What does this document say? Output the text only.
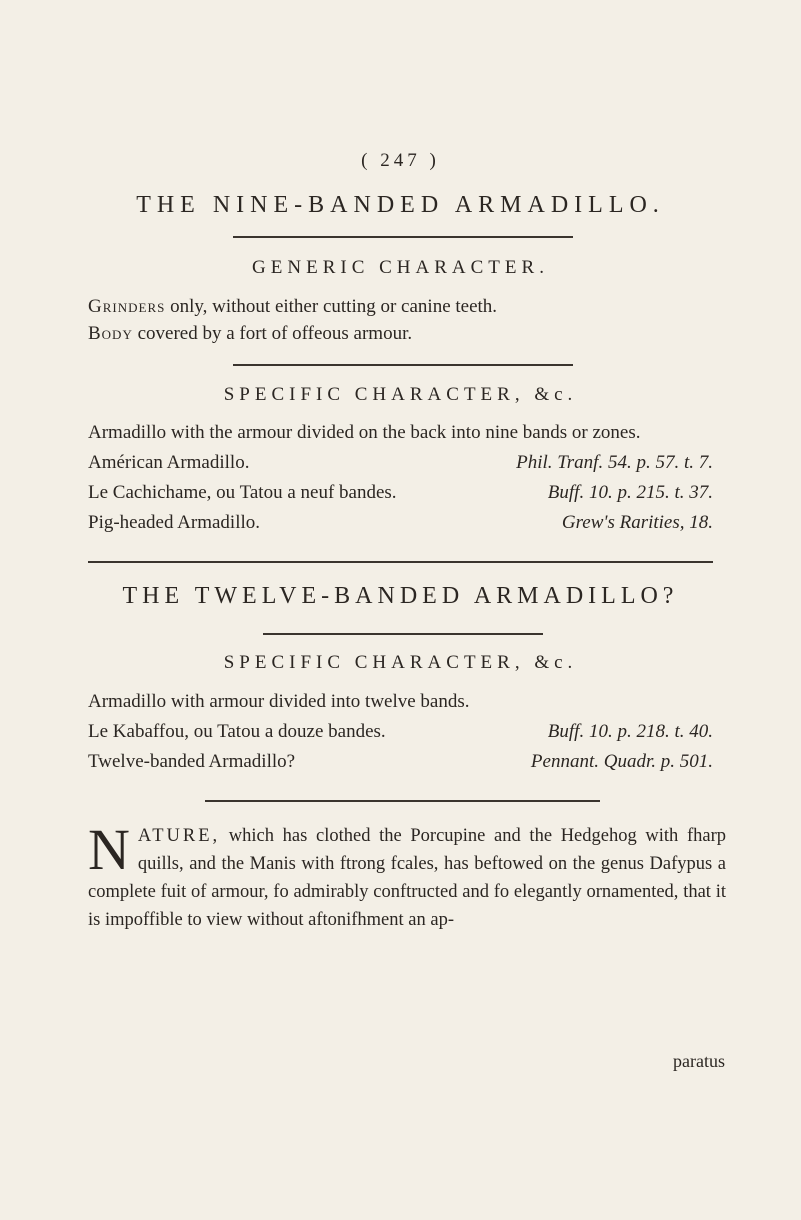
( 247 )
THE NINE-BANDED ARMADILLO.
GENERIC CHARACTER.
Grinders only, without either cutting or canine teeth.
Body covered by a fort of offeous armour.
SPECIFIC CHARACTER, &c.
Armadillo with the armour divided on the back into nine bands or zones.
Américan Armadillo.	Phil. Tranf. 54. p. 57. t. 7.
Le Cachichame, ou Tatou a neuf bandes.	Buff. 10. p. 215. t. 37.
Pig-headed Armadillo.	Grew's Rarities, 18.
THE TWELVE-BANDED ARMADILLO?
SPECIFIC CHARACTER, &c.
Armadillo with armour divided into twelve bands.
Le Kabaffou, ou Tatou a douze bandes.	Buff. 10. p. 218. t. 40.
Twelve-banded Armadillo?	Pennant. Quadr. p. 501.
NATURE, which has clothed the Porcupine and the Hedgehog with fharp quills, and the Manis with ftrong fcales, has beftowed on the genus Dafypus a complete fuit of armour, fo admirably conftructed and fo elegantly ornamented, that it is impoffible to view without aftonifhment an ap-
paratus
